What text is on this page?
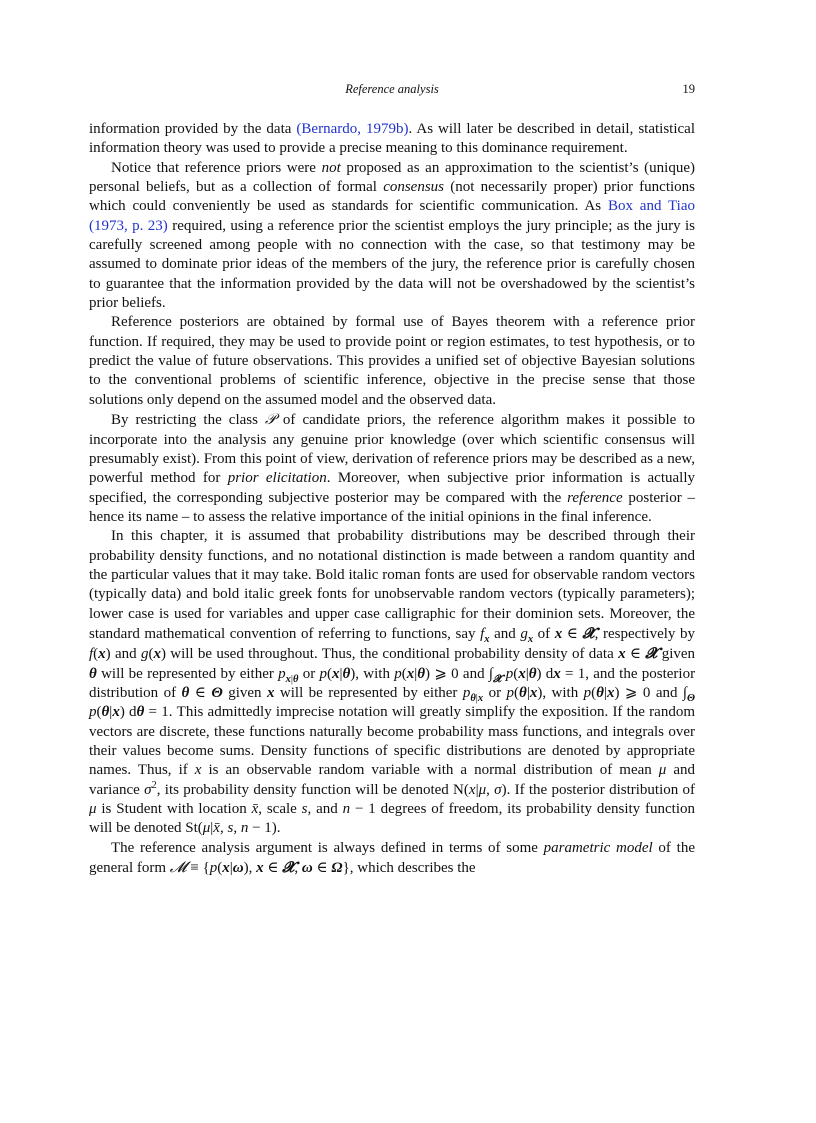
Reference analysis	19

information provided by the data (Bernardo, 1979b). As will later be described in detail, statistical information theory was used to provide a precise meaning to this dominance requirement.

Notice that reference priors were not proposed as an approximation to the scientist’s (unique) personal beliefs, but as a collection of formal consensus (not necessarily proper) prior functions which could conveniently be used as standards for scientific communication. As Box and Tiao (1973, p. 23) required, using a reference prior the scientist employs the jury principle; as the jury is carefully screened among people with no connection with the case, so that testimony may be assumed to dominate prior ideas of the members of the jury, the reference prior is carefully chosen to guarantee that the information provided by the data will not be overshadowed by the scientist’s prior beliefs.

Reference posteriors are obtained by formal use of Bayes theorem with a reference prior function. If required, they may be used to provide point or region estimates, to test hypothesis, or to predict the value of future observations. This provides a unified set of objective Bayesian solutions to the conventional problems of scientific inference, objective in the precise sense that those solutions only depend on the assumed model and the observed data.

By restricting the class 𝒫 of candidate priors, the reference algorithm makes it possible to incorporate into the analysis any genuine prior knowledge (over which scientific consensus will presumably exist). From this point of view, derivation of reference priors may be described as a new, powerful method for prior elicitation. Moreover, when subjective prior information is actually specified, the corresponding subjective posterior may be compared with the reference posterior – hence its name – to assess the relative importance of the initial opinions in the final inference.

In this chapter, it is assumed that probability distributions may be described through their probability density functions, and no notational distinction is made between a random quantity and the particular values that it may take. Bold italic roman fonts are used for observable random vectors (typically data) and bold italic greek fonts for unobservable random vectors (typically parameters); lower case is used for variables and upper case calligraphic for their dominion sets. Moreover, the standard mathematical convention of referring to functions, say $f_x$ and $g_x$ of x ∈ 𝓧, respectively by f(x) and g(x) will be used throughout. Thus, the conditional probability density of data x ∈ 𝓧 given θ will be represented by either $p_{x|\theta}$ or p(x|θ), with p(x|θ) ⩾ 0 and $\int_𝓧$ p(x|θ) dx = 1, and the posterior distribution of θ ∈ Θ given x will be represented by either $p_{\theta|x}$ or p(θ|x), with p(θ|x) ⩾ 0 and $\int_\Theta$ p(θ|x) dθ = 1. This admittedly imprecise notation will greatly simplify the exposition. If the random vectors are discrete, these functions naturally become probability mass functions, and integrals over their values become sums. Density functions of specific distributions are denoted by appropriate names. Thus, if x is an observable random variable with a normal distribution of mean μ and variance $\sigma^2$, its probability density function will be denoted N(x|μ, σ). If the posterior distribution of μ is Student with location x̄, scale s, and n − 1 degrees of freedom, its probability density function will be denoted St(μ|x̄, s, n − 1).

The reference analysis argument is always defined in terms of some parametric model of the general form 𝓜 ≡ {p(x|ω), x ∈ 𝓧, ω ∈ Ω}, which describes the
